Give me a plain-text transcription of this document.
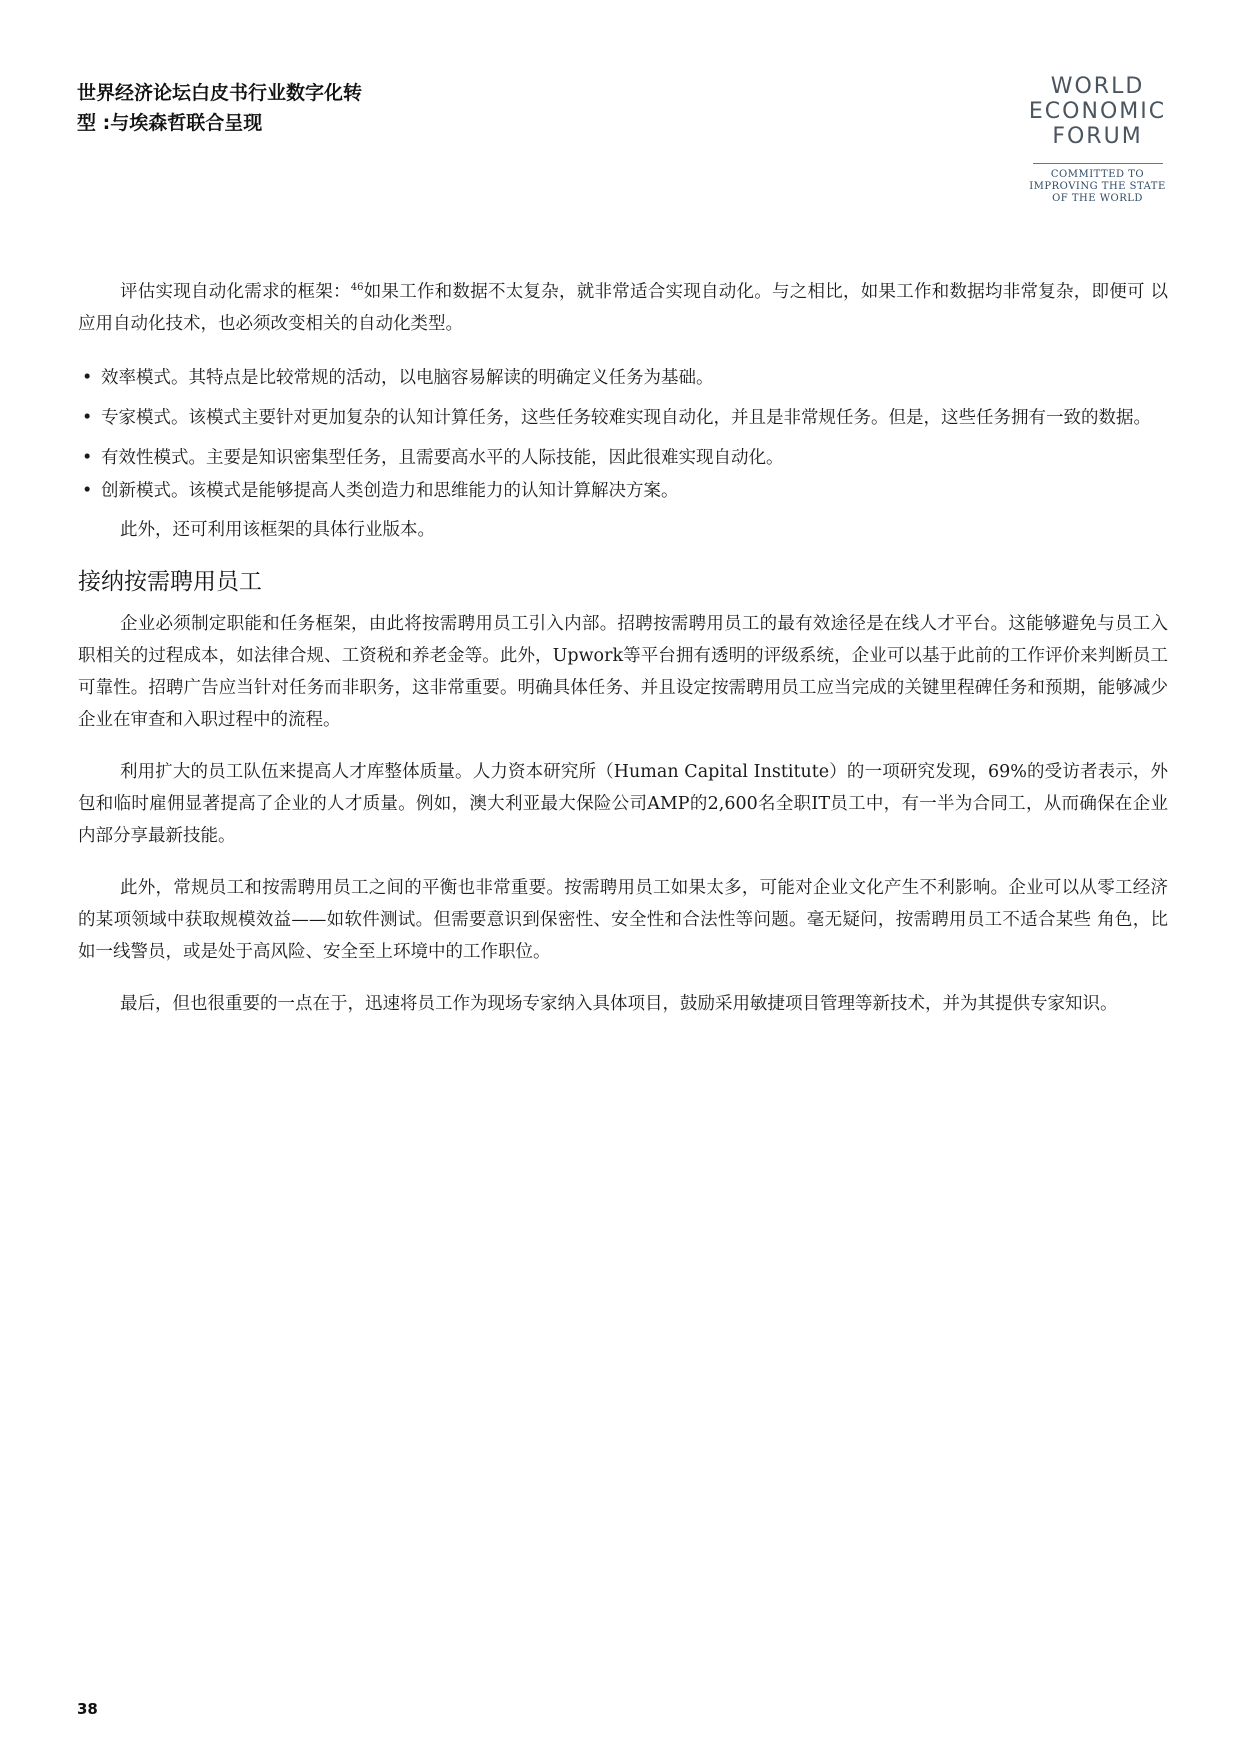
世界经济论坛白皮书行业数字化转
型 :与埃森哲联合呈现
WORLD
ECONOMIC
FORUM
COMMITTED TO
IMPROVING THE STATE
OF THE WORLD

评估实现自动化需求的框架：$^{46}$如果工作和数据不太复杂，就非常适合实现自动化。与之相比，如果工作和数据均非常复杂，即便可 以应用自动化技术，也必须改变相关的自动化类型。

• 效率模式。其特点是比较常规的活动，以电脑容易解读的明确定义任务为基础。
• 专家模式。该模式主要针对更加复杂的认知计算任务，这些任务较难实现自动化，并且是非常规任务。但是，这些任务拥有一致的数据。
• 有效性模式。主要是知识密集型任务，且需要高水平的人际技能，因此很难实现自动化。
• 创新模式。该模式是能够提高人类创造力和思维能力的认知计算解决方案。

此外，还可利用该框架的具体行业版本。

接纳按需聘用员工

企业必须制定职能和任务框架，由此将按需聘用员工引入内部。招聘按需聘用员工的最有效途径是在线人才平台。这能够避免与员工入职相关的过程成本，如法律合规、工资税和养老金等。此外，Upwork等平台拥有透明的评级系统，企业可以基于此前的工作评价来判断员工可靠性。招聘广告应当针对任务而非职务，这非常重要。明确具体任务、并且设定按需聘用员工应当完成的关键里程碑任务和预期，能够减少企业在审查和入职过程中的流程。

利用扩大的员工队伍来提高人才库整体质量。人力资本研究所（Human Capital Institute）的一项研究发现，69%的受访者表示，外包和临时雇佣显著提高了企业的人才质量。例如，澳大利亚最大保险公司AMP的2,600名全职IT员工中，有一半为合同工，从而确保在企业内部分享最新技能。

此外，常规员工和按需聘用员工之间的平衡也非常重要。按需聘用员工如果太多，可能对企业文化产生不利影响。企业可以从零工经济的某项领域中获取规模效益——如软件测试。但需要意识到保密性、安全性和合法性等问题。毫无疑问，按需聘用员工不适合某些 角色，比如一线警员，或是处于高风险、安全至上环境中的工作职位。

最后，但也很重要的一点在于，迅速将员工作为现场专家纳入具体项目，鼓励采用敏捷项目管理等新技术，并为其提供专家知识。

38
